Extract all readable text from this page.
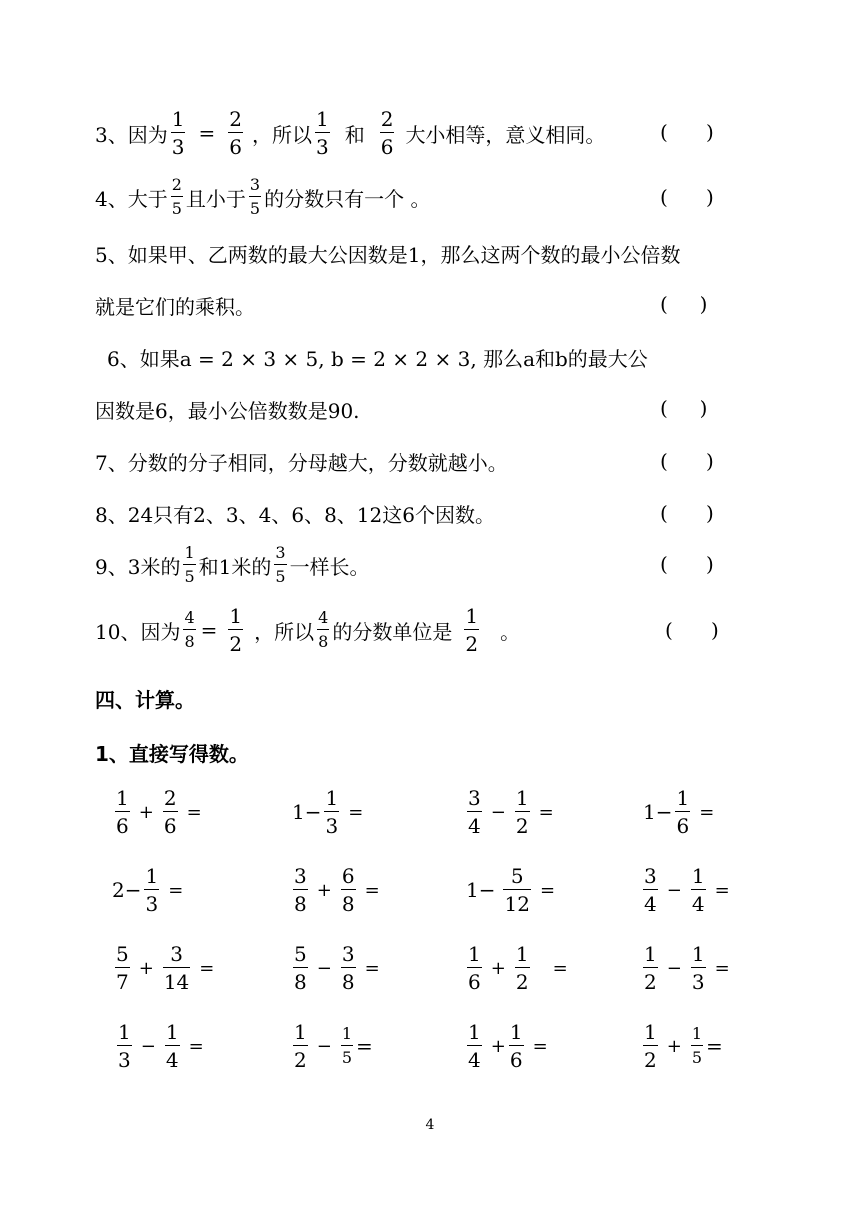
3、因为 $\frac{1}{3} = \frac{2}{6}$ ，所以 $\frac{1}{3}$ 和 $\frac{2}{6}$ 大小相等，意义相同。	(      )
4、大于 $\frac{2}{5}$ 且小于 $\frac{3}{5}$ 的分数只有一个 。	(      )
5、如果甲、乙两数的最大公因数是1，那么这两个数的最小公倍数
就是它们的乘积。	(     )
6、如果a = 2 × 3 × 5, b = 2 × 2 × 3, 那么a和b的最大公
因数是6，最小公倍数数是90.	(     )
7、分数的分子相同，分母越大，分数就越小。	(      )
8、24只有2、3、4、6、8、12这6个因数。	(      )
9、3米的 $\frac{1}{5}$ 和1米的 $\frac{3}{5}$ 一样长。	(      )
10、因为 $\frac{4}{8} = \frac{1}{2}$ ，所以 $\frac{4}{8}$ 的分数单位是 $\frac{1}{2}$ 。	(      )
四、计算。
1、直接写得数。
$\frac{1}{6} + \frac{2}{6}$ =	$1- \frac{1}{3}$ =	$\frac{3}{4} - \frac{1}{2}$ =	$1- \frac{1}{6}$ =
$2- \frac{1}{3}$ =	$\frac{3}{8} + \frac{6}{8}$ =	$1- \frac{5}{12}$ =	$\frac{3}{4} - \frac{1}{4}$ =
$\frac{5}{7} + \frac{3}{14}$ =	$\frac{5}{8} - \frac{3}{8}$ =	$\frac{1}{6} + \frac{1}{2}$ =	$\frac{1}{2} - \frac{1}{3}$ =
$\frac{1}{3} - \frac{1}{4}$ =	$\frac{1}{2} - \frac{1}{5}$ =	$\frac{1}{4} + \frac{1}{6}$ =	$\frac{1}{2} + \frac{1}{5}$ =
4
